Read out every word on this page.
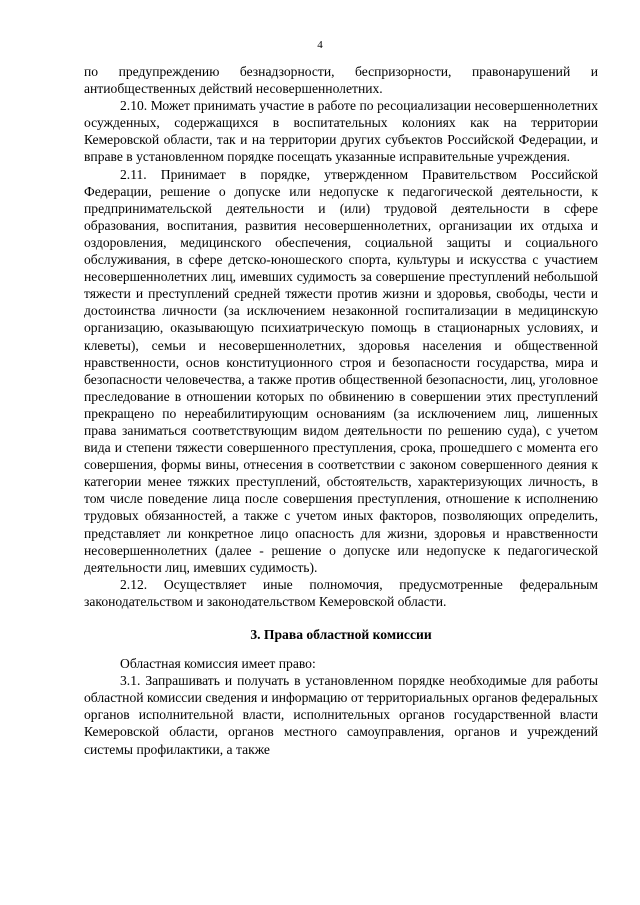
4

по предупреждению безнадзорности, беспризорности, правонарушений и антиобщественных действий несовершеннолетних.

2.10. Может принимать участие в работе по ресоциализации несовершеннолетних осужденных, содержащихся в воспитательных колониях как на территории Кемеровской области, так и на территории других субъектов Российской Федерации, и вправе в установленном порядке посещать указанные исправительные учреждения.

2.11. Принимает в порядке, утвержденном Правительством Российской Федерации, решение о допуске или недопуске к педагогической деятельности, к предпринимательской деятельности и (или) трудовой деятельности в сфере образования, воспитания, развития несовершеннолетних, организации их отдыха и оздоровления, медицинского обеспечения, социальной защиты и социального обслуживания, в сфере детско-юношеского спорта, культуры и искусства с участием несовершеннолетних лиц, имевших судимость за совершение преступлений небольшой тяжести и преступлений средней тяжести против жизни и здоровья, свободы, чести и достоинства личности (за исключением незаконной госпитализации в медицинскую организацию, оказывающую психиатрическую помощь в стационарных условиях, и клеветы), семьи и несовершеннолетних, здоровья населения и общественной нравственности, основ конституционного строя и безопасности государства, мира и безопасности человечества, а также против общественной безопасности, лиц, уголовное преследование в отношении которых по обвинению в совершении этих преступлений прекращено по нереабилитирующим основаниям (за исключением лиц, лишенных права заниматься соответствующим видом деятельности по решению суда), с учетом вида и степени тяжести совершенного преступления, срока, прошедшего с момента его совершения, формы вины, отнесения в соответствии с законом совершенного деяния к категории менее тяжких преступлений, обстоятельств, характеризующих личность, в том числе поведение лица после совершения преступления, отношение к исполнению трудовых обязанностей, а также с учетом иных факторов, позволяющих определить, представляет ли конкретное лицо опасность для жизни, здоровья и нравственности несовершеннолетних (далее - решение о допуске или недопуске к педагогической деятельности лиц, имевших судимость).

2.12. Осуществляет иные полномочия, предусмотренные федеральным законодательством и законодательством Кемеровской области.

3. Права областной комиссии

Областная комиссия имеет право:

3.1. Запрашивать и получать в установленном порядке необходимые для работы областной комиссии сведения и информацию от территориальных органов федеральных органов исполнительной власти, исполнительных органов государственной власти Кемеровской области, органов местного самоуправления, органов и учреждений системы профилактики, а также
